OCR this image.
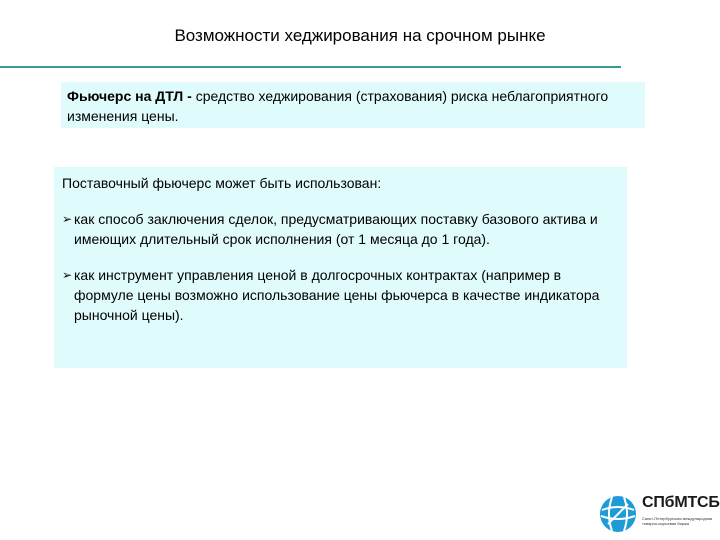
Возможности хеджирования на срочном рынке
Фьючерс на ДТЛ - средство хеджирования (страхования) риска неблагоприятного изменения цены.
Поставочный фьючерс может быть использован:
➢ как способ заключения сделок, предусматривающих поставку базового актива и имеющих длительный срок исполнения (от 1 месяца до 1 года).
➢ как инструмент управления ценой в долгосрочных контрактах (например в формуле цены возможно использование цены фьючерса в качестве индикатора рыночной цены).
СПбМТСБ
Санкт-Петербургская международная товарно-сырьевая биржа
